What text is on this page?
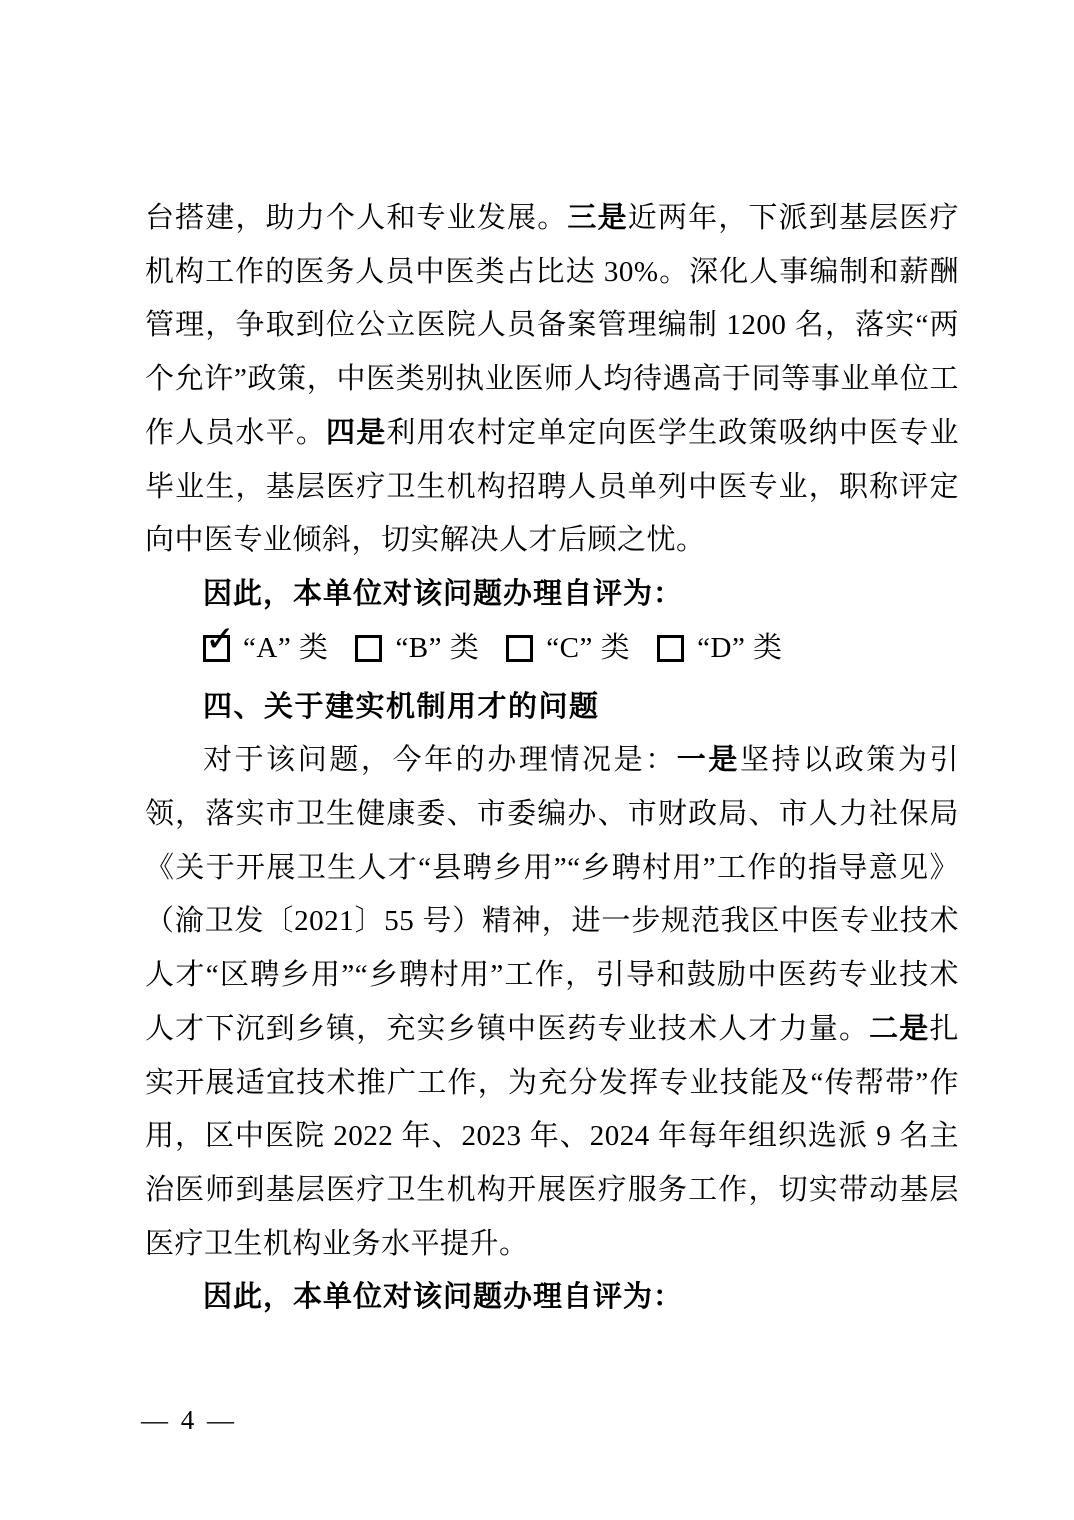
台搭建，助力个人和专业发展。三是近两年，下派到基层医疗机构工作的医务人员中医类占比达 30%。深化人事编制和薪酬管理，争取到位公立医院人员备案管理编制 1200 名，落实“两个允许”政策，中医类别执业医师人均待遇高于同等事业单位工作人员水平。四是利用农村定单定向医学生政策吸纳中医专业毕业生，基层医疗卫生机构招聘人员单列中医专业，职称评定向中医专业倾斜，切实解决人才后顾之忧。

因此，本单位对该问题办理自评为：

✓ “A” 类 “B” 类 “C” 类 “D” 类

四、关于建实机制用才的问题

对于该问题，今年的办理情况是：一是坚持以政策为引领，落实市卫生健康委、市委编办、市财政局、市人力社保局《关于开展卫生人才“县聘乡用”“乡聘村用”工作的指导意见》（渝卫发〔2021〕55 号）精神，进一步规范我区中医专业技术人才“区聘乡用”“乡聘村用”工作，引导和鼓励中医药专业技术人才下沉到乡镇，充实乡镇中医药专业技术人才力量。二是扎实开展适宜技术推广工作，为充分发挥专业技能及“传帮带”作用，区中医院 2022 年、2023 年、2024 年每年组织选派 9 名主治医师到基层医疗卫生机构开展医疗服务工作，切实带动基层医疗卫生机构业务水平提升。

因此，本单位对该问题办理自评为：

— 4 —
